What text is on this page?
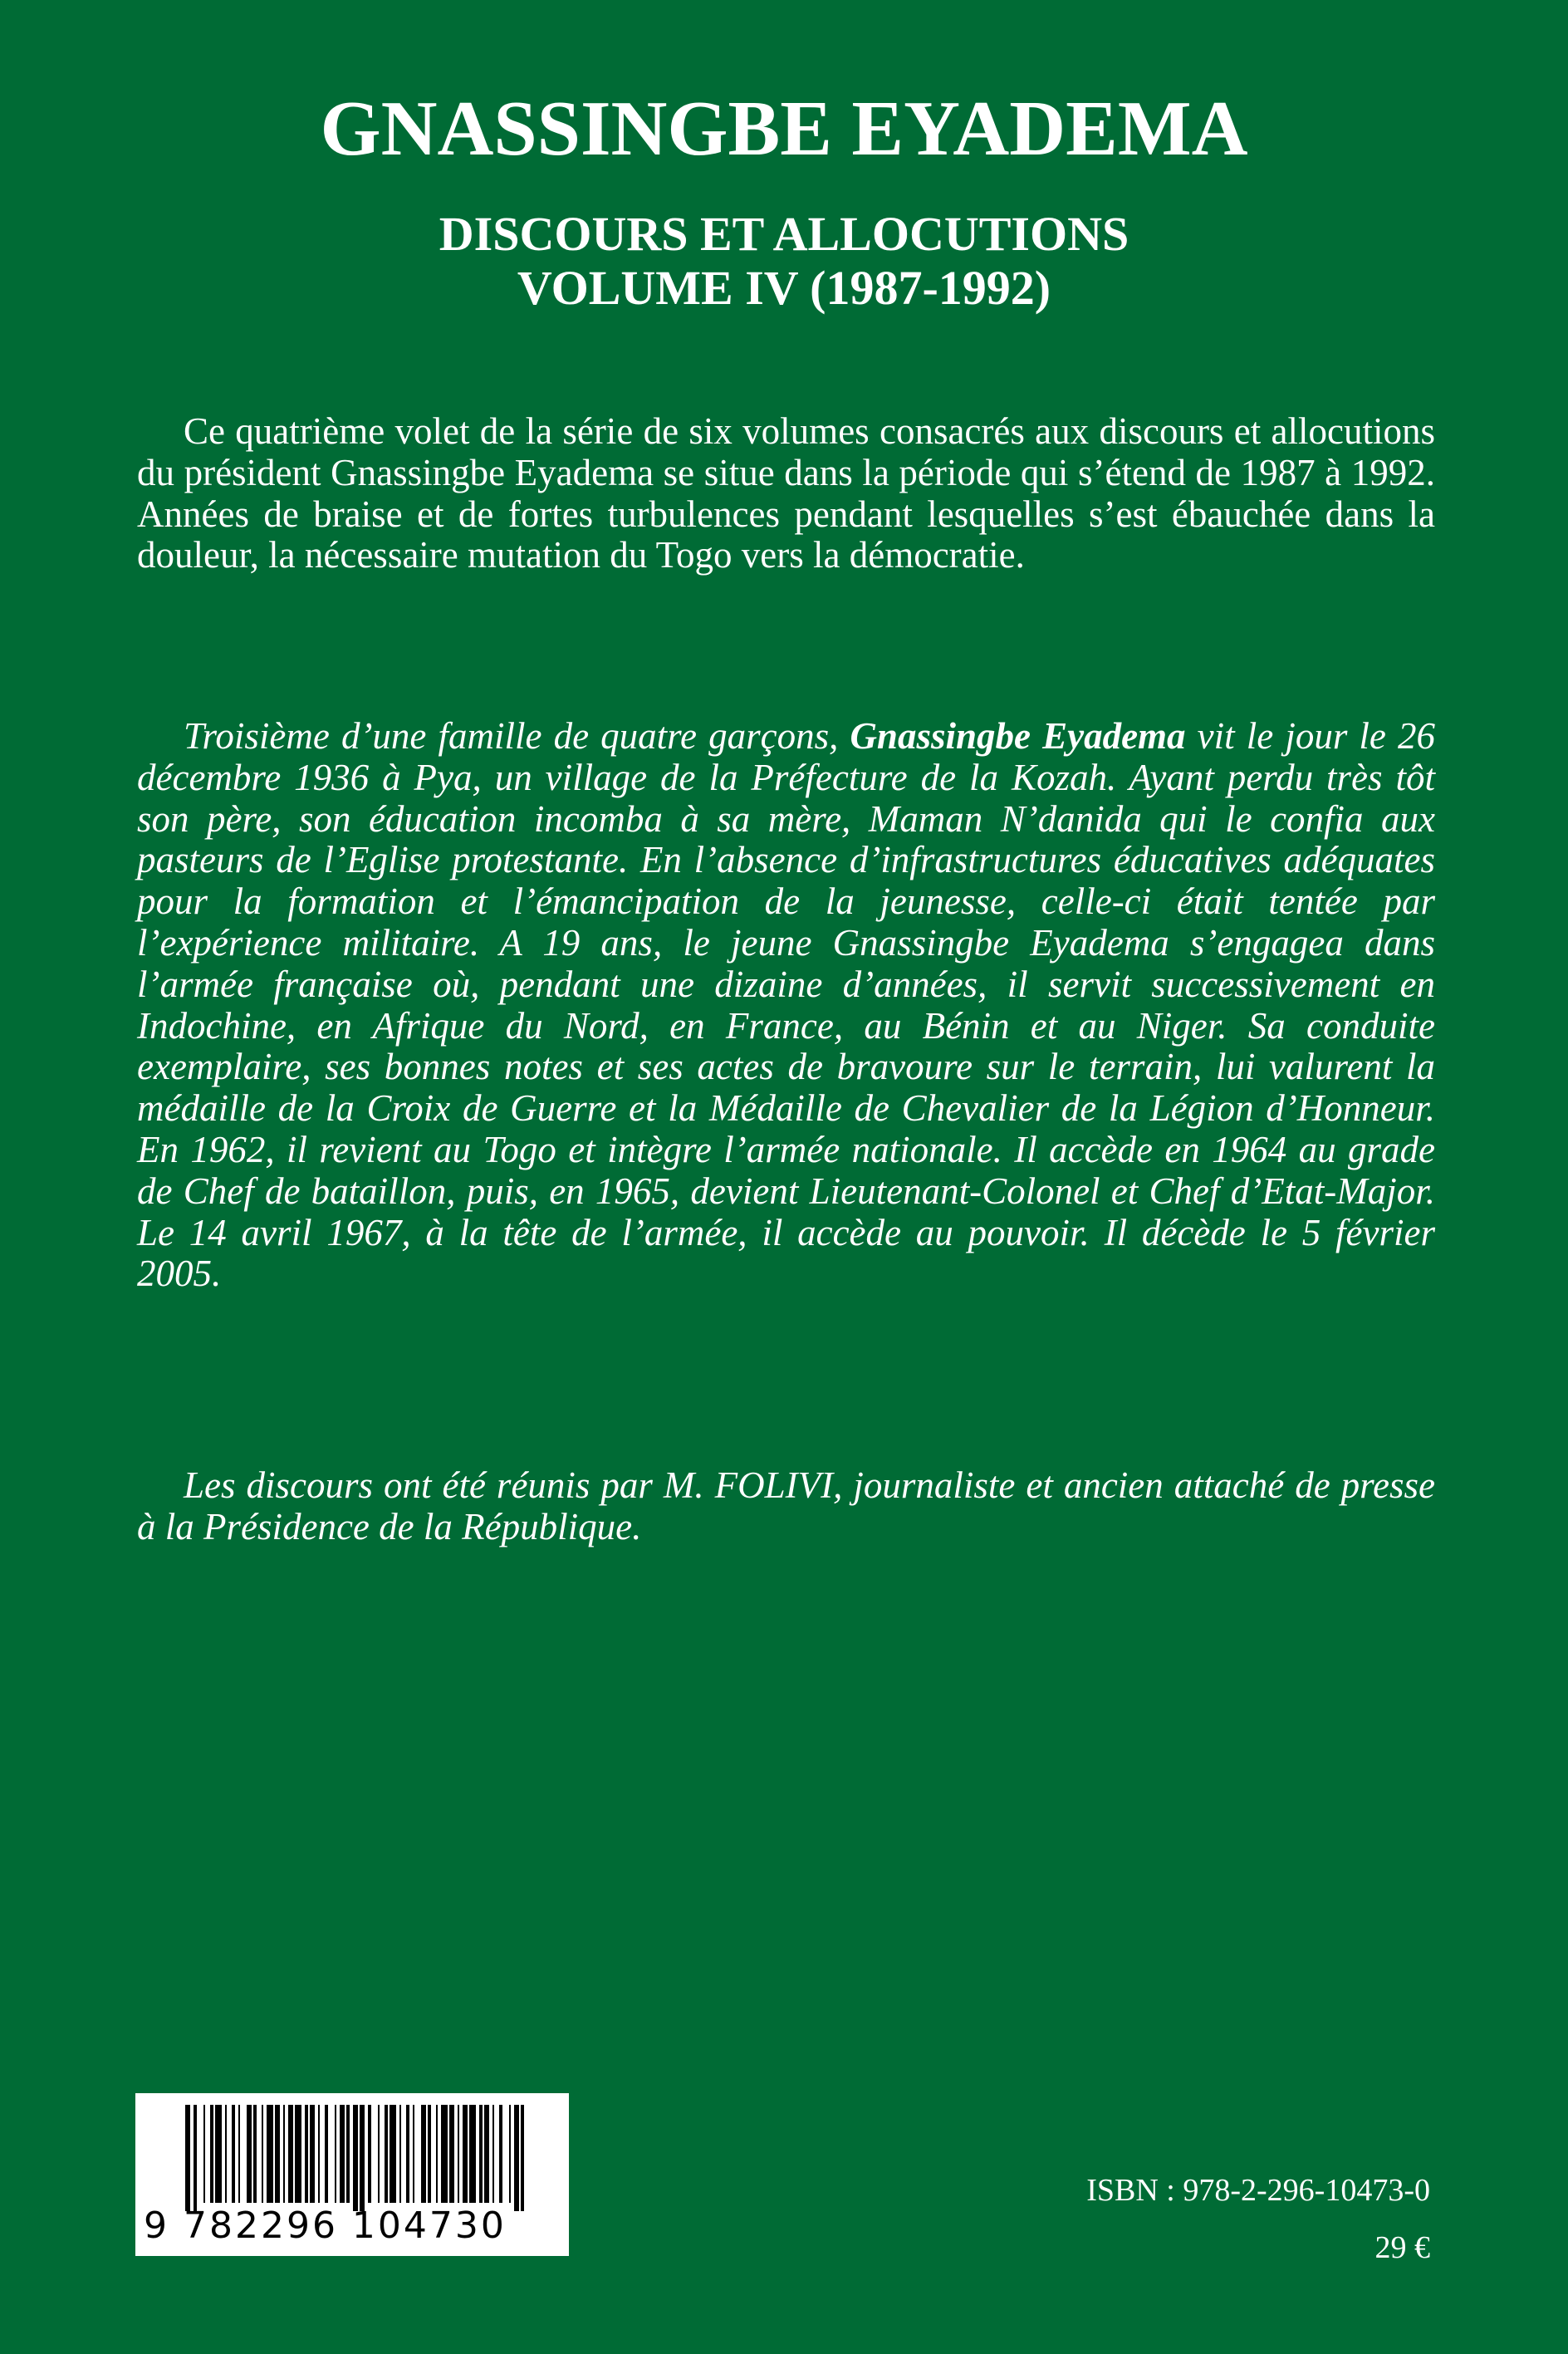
GNASSINGBE EYADEMA
DISCOURS ET ALLOCUTIONS
VOLUME IV (1987-1992)

Ce quatrième volet de la série de six volumes consacrés aux discours et allocutions du président Gnassingbe Eyadema se situe dans la période qui s’étend de 1987 à 1992. Années de braise et de fortes turbulences pendant lesquelles s’est ébauchée dans la douleur, la nécessaire mutation du Togo vers la démocratie.

Troisième d’une famille de quatre garçons, Gnassingbe Eyadema vit le jour le 26 décembre 1936 à Pya, un village de la Préfecture de la Kozah. Ayant perdu très tôt son père, son éducation incomba à sa mère, Maman N’danida qui le confia aux pasteurs de l’Eglise protestante. En l’absence d’infrastructures éducatives adéquates pour la formation et l’émancipation de la jeunesse, celle-ci était tentée par l’expérience militaire. A 19 ans, le jeune Gnassingbe Eyadema s’engagea dans l’armée française où, pendant une dizaine d’années, il servit successivement en Indochine, en Afrique du Nord, en France, au Bénin et au Niger. Sa conduite exemplaire, ses bonnes notes et ses actes de bravoure sur le terrain, lui valurent la médaille de la Croix de Guerre et la Médaille de Chevalier de la Légion d’Honneur. En 1962, il revient au Togo et intègre l’armée nationale. Il accède en 1964 au grade de Chef de bataillon, puis, en 1965, devient Lieutenant-Colonel et Chef d’Etat-Major. Le 14 avril 1967, à la tête de l’armée, il accède au pouvoir. Il décède le 5 février 2005.

Les discours ont été réunis par M. FOLIVI, journaliste et ancien attaché de presse à la Présidence de la République.

9 782296 104730
ISBN : 978-2-296-10473-0
29 €
